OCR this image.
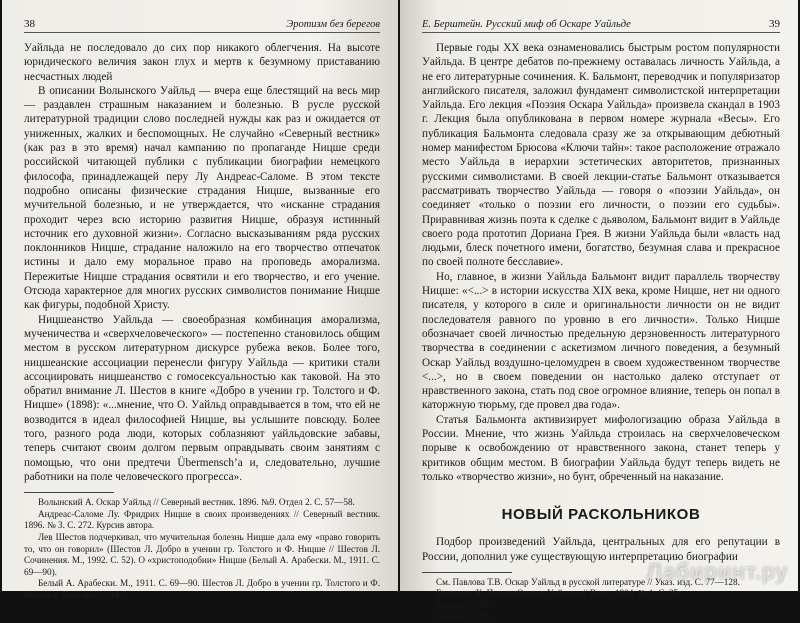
38	Эротизм без берегов

Уайльда не последовало до сих пор никакого облегчения. На высоте юридического величия закон глух и мертв к безумному приставанию несчастных людей

В описании Волынского Уайльд — вчера еще блестящий на весь мир — раздавлен страшным наказанием и болезнью. В русле русской литературной традиции слово последней нужды как раз и ожидается от униженных, жалких и беспомощных. Не случайно «Северный вестник» (как раз в это время) начал кампанию по пропаганде Ницше среди российской читающей публики с публикации биографии немецкого философа, принадлежащей перу Лу Андреас-Саломе. В этом тексте подробно описаны физические страдания Ницше, вызванные его мучительной болезнью, и не утверждается, что «исканне страдания проходит через всю историю развития Ницше, образуя истинный источник его духовной жизни». Согласно высказываниям ряда русских поклонников Ницше, страдание наложило на его творчество отпечаток истины и дало ему моральное право на проповедь аморализма. Пережитые Ницше страдания освятили и его творчество, и его учение. Отсюда характерное для многих русских символистов понимание Ницше как фигуры, подобной Христу.

Ницшеанство Уайльда — своеобразная комбинация аморализма, мученичества и «сверхчеловеческого» — постепенно становилось общим местом в русском литературном дискурсе рубежа веков. Более того, ницшеанские ассоциации перенесли фигуру Уайльда — критики стали ассоциировать ницшеанство с гомосексуальностью как таковой. На это обратил внимание Л. Шестов в книге «Добро в учении гр. Толстого и Ф. Ницше» (1898): «...мнение, что О. Уайльд оправдывается в том, что ей не возводится в идеал философией Ницше, вы услышите повсюду. Более того, разного рода люди, которых соблазняют уайльдовские забавы, теперь считают своим долгом первым оправдывать своим занятиям с помощью, что они предтечи Übermensch’а и, следовательно, лучшие работники на поле человеческого прогресса».

Волынский А. Оскар Уайльд // Северный вестник. 1896. №9. Отдел 2. С. 57—58.

Андреас-Саломе Лу. Фридрих Ницше в своих произведениях // Северный вестник. 1896. № 3. С. 272. Курсив автора.

Лев Шестов подчеркивал, что мучительная болезнь Ницше дала ему «право говорить то, что он говорил» (Шестов Л. Добро в учении гр. Толстого и Ф. Ницше // Шестов Л. Сочинения. М., 1992. С. 52). О «христоподобии» Ницше (Белый А. Арабески. М., 1911. С. 69—90).

Белый А. Арабески. М., 1911. С. 69—90. Шестов Л. Добро в учении гр. Толстого и Ф. Ницше // Указ. изд. С.140.

Е. Берштейн. Русский миф об Оскаре Уайльде	39

Первые годы XX века ознаменовались быстрым ростом популярности Уайльда. В центре дебатов по-прежнему оставалась личность Уайльда, а не его литературные сочинения. К. Бальмонт, переводчик и популяризатор английского писателя, заложил фундамент символистской интерпретации Уайльда. Его лекция «Поэзия Оскара Уайльда» произвела скандал в 1903 г. Лекция была опубликована в первом номере журнала «Весы». Его публикация Бальмонта следовала сразу же за открывающим дебютный номер манифестом Брюсова «Ключи тайн»: такое расположение отражало место Уайльда в иерархии эстетических авторитетов, признанных русскими символистами. В своей лекции-статье Бальмонт отказывается рассматривать творчество Уайльда — говоря о «поэзии Уайльда», он соединяет «только о поэзии его личности, о поэзии его судьбы». Приравнивая жизнь поэта к сделке с дьяволом, Бальмонт видит в Уайльде своего рода прототип Дориана Грея. В жизни Уайльда были «власть над людьми, блеск почетного имени, богатство, безумная слава и прекрасное по своей полноте бесславие».

Но, главное, в жизни Уайльда Бальмонт видит параллель творчеству Ницше: «<...> в истории искусства XIX века, кроме Ницше, нет ни одного писателя, у которого в силе и оригинальности личности он не видит последователя равного по уровню в его личности». Только Ницше обозначает своей личностью предельную дерзновенность литературного творчества в соединении с аскетизмом личного поведения, а безумный Оскар Уайльд воздушно-целомудрен в своем художественном творчестве <...>, но в своем поведении он настолько далеко отступает от нравственного закона, стать под свое огромное влияние, теперь он попал в каторжную тюрьму, где провел два года».

Статья Бальмонта активизирует мифологизацию образа Уайльда в России. Мнение, что жизнь Уайльда строилась на сверхчеловеческом порыве к освобождению от нравственного закона, станет теперь у критиков общим местом. В биографии Уайльда будут теперь видеть не только «творчество жизни», но бунт, обреченный на наказание.

НОВЫЙ РАСКОЛЬНИКОВ

Подбор произведений Уайльда, центральных для его репутации в России, дополнил уже существующую интерпретацию биографии

См. Павлова Т.В. Оскар Уайльд в русской литературе // Указ. изд. С. 77—128.

Бальмонт К. Поэзия Оскара Уайльда // Весы. 1904. № 1. С. 25.

Там же. С. 25.

Там же. С. 37.

Лабиринт.ру
